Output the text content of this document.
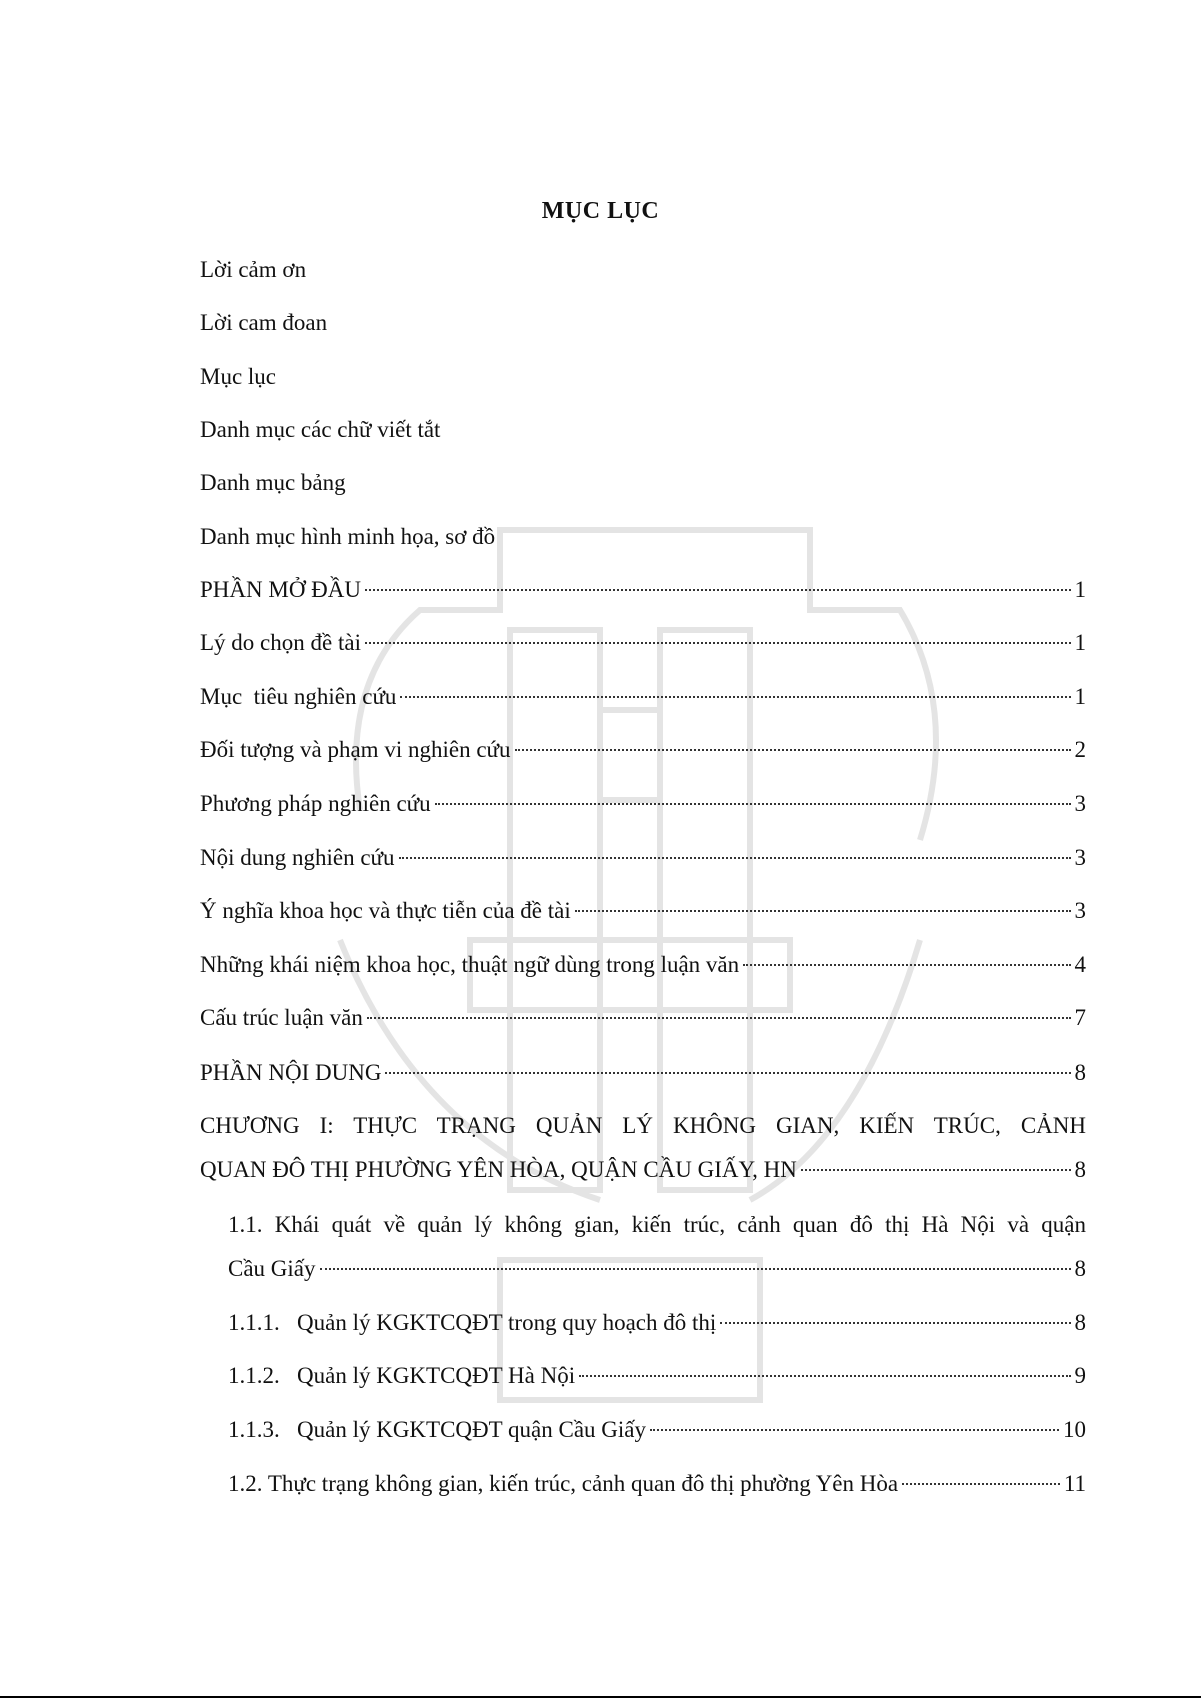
MỤC LỤC
Lời cảm ơn
Lời cam đoan
Mục lục
Danh mục các chữ viết tắt
Danh mục bảng
Danh mục hình minh họa, sơ đồ
PHẦN MỞ ĐẦU	1
Lý do chọn đề tài	1
Mục  tiêu nghiên cứu	1
Đối tượng và phạm vi nghiên cứu	2
Phương pháp nghiên cứu	3
Nội dung nghiên cứu	3
Ý nghĩa khoa học và thực tiễn của đề tài	3
Những khái niệm khoa học, thuật ngữ dùng trong luận văn	4
Cấu trúc luận văn	7
PHẦN NỘI DUNG	8
CHƯƠNG I: THỰC TRẠNG QUẢN LÝ KHÔNG GIAN, KIẾN TRÚC, CẢNH
QUAN ĐÔ THỊ PHƯỜNG YÊN HÒA, QUẬN CẦU GIẤY, HN	8
1.1. Khái quát về quản lý không gian, kiến trúc, cảnh quan đô thị Hà Nội và quận
Cầu Giấy	8
1.1.1.   Quản lý KGKTCQĐT trong quy hoạch đô thị	8
1.1.2.   Quản lý KGKTCQĐT Hà Nội	9
1.1.3.   Quản lý KGKTCQĐT quận Cầu Giấy	10
1.2. Thực trạng không gian, kiến trúc, cảnh quan đô thị phường Yên Hòa	11
